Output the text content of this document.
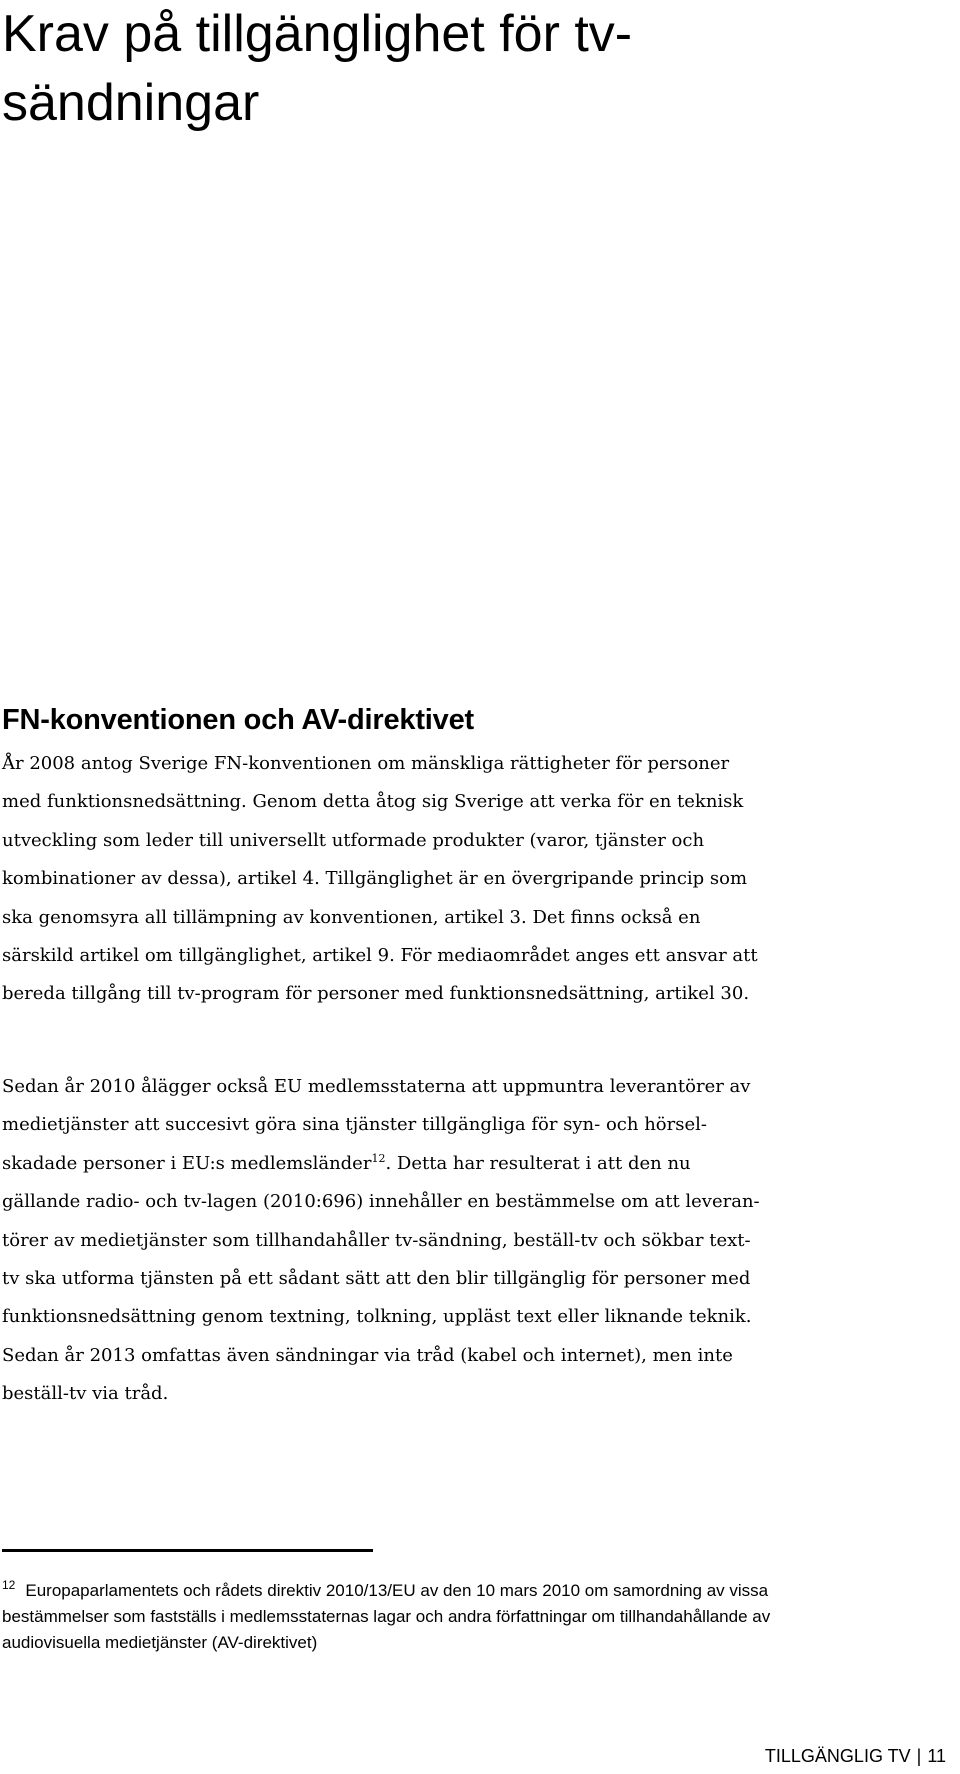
Krav på tillgänglighet för tv-
sändningar
FN-konventionen och AV-direktivet
År 2008 antog Sverige FN-konventionen om mänskliga rättigheter för personer
med funktionsnedsättning. Genom detta åtog sig Sverige att verka för en teknisk
utveckling som leder till universellt utformade produkter (varor, tjänster och
kombinationer av dessa), artikel 4. Tillgänglighet är en övergripande princip som
ska genomsyra all tillämpning av konventionen, artikel 3. Det finns också en
särskild artikel om tillgänglighet, artikel 9. För mediaområdet anges ett ansvar att
bereda tillgång till tv-program för personer med funktionsnedsättning, artikel 30.
Sedan år 2010 ålägger också EU medlemsstaterna att uppmuntra leverantörer av
medietjänster att succesivt göra sina tjänster tillgängliga för syn- och hörsel-
skadade personer i EU:s medlemsländer$^{12}$. Detta har resulterat i att den nu
gällande radio- och tv-lagen (2010:696) innehåller en bestämmelse om att leveran-
törer av medietjänster som tillhandahåller tv-sändning, beställ-tv och sökbar text-
tv ska utforma tjänsten på ett sådant sätt att den blir tillgänglig för personer med
funktionsnedsättning genom textning, tolkning, uppläst text eller liknande teknik.
Sedan år 2013 omfattas även sändningar via tråd (kabel och internet), men inte
beställ-tv via tråd.
$^{12}$ Europaparlamentets och rådets direktiv 2010/13/EU av den 10 mars 2010 om samordning av vissa
bestämmelser som fastställs i medlemsstaternas lagar och andra författningar om tillhandahållande av
audiovisuella medietjänster (AV-direktivet)
TILLGÄNGLIG TV | 11
